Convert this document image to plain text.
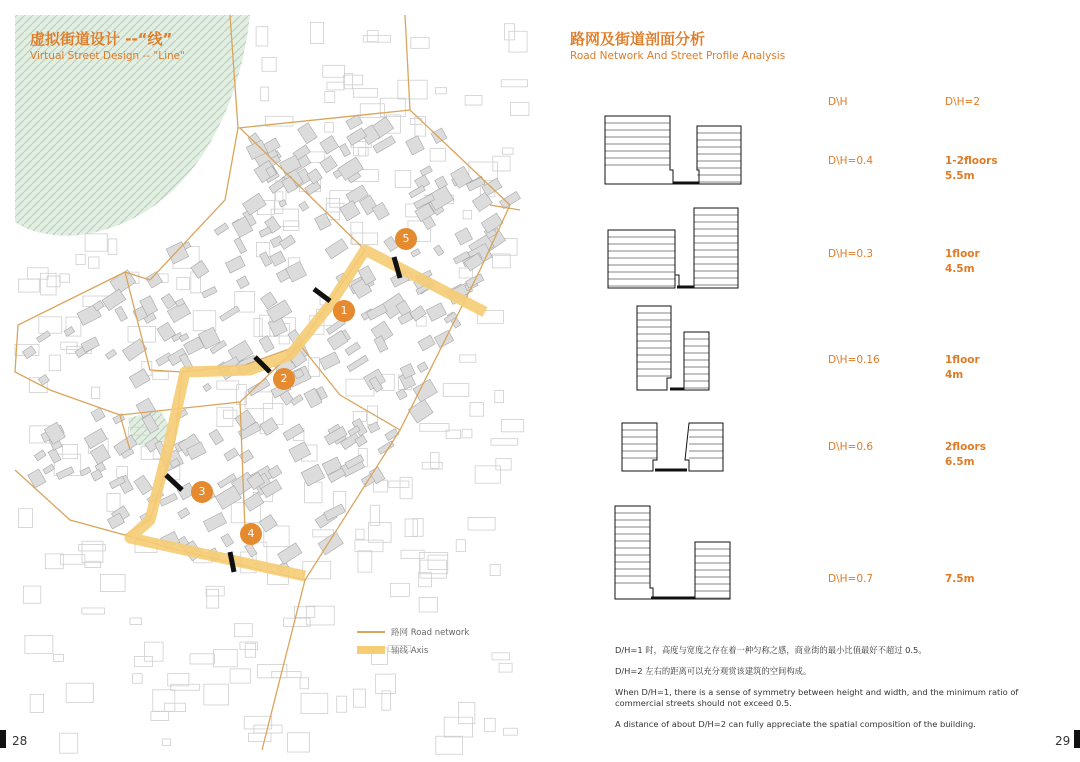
1
2
3
4
5
虚拟街道设计 --“线”
Virtual Street Design -- "Line"
路网 Road network
轴线 Axis
28
路网及街道剖面分析
Road Network And Street Profile Analysis
D\H	D\H=2
D\H=0.4	1-2floors
5.5m
D\H=0.3	1floor
4.5m
D\H=0.16	1floor
4m
D\H=0.6	2floors
6.5m
D\H=0.7	7.5m

D/H=1 时，高度与宽度之存在着一种匀称之感，商业街的最小比值最好不超过 0.5。

D/H=2 左右的距离可以充分观赏该建筑的空间构成。

When D/H=1, there is a sense of symmetry between height and width, and the minimum ratio of commercial streets should not exceed 0.5.

A distance of about D/H=2 can fully appreciate the spatial composition of the building.

29
